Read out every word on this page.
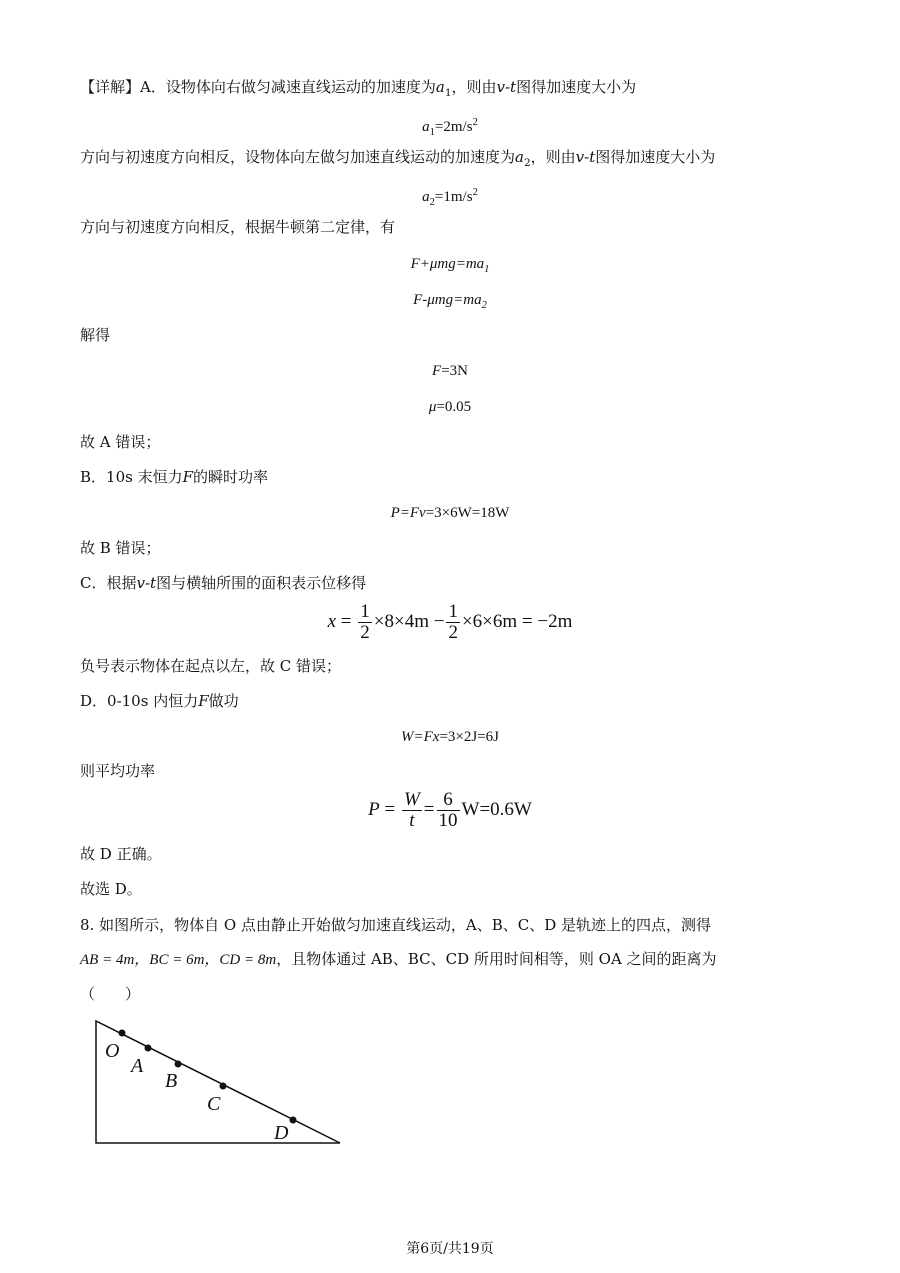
【详解】A．设物体向右做匀减速直线运动的加速度为$a_1$，则由v-t图得加速度大小为
$a_1=2m/s^2$
方向与初速度方向相反，设物体向左做匀加速直线运动的加速度为$a_2$，则由v-t图得加速度大小为
$a_2=1m/s^2$
方向与初速度方向相反，根据牛顿第二定律，有
$F+\mu mg=ma_1$
$F-\mu mg=ma_2$
解得
F=3N
μ=0.05
故 A 错误；
B．10s 末恒力F的瞬时功率
P=Fv=3×6W=18W
故 B 错误；
C．根据v-t图与横轴所围的面积表示位移得
$x = \frac{1}{2} \times 8\times 4m - \frac{1}{2} \times 6\times 6m = -2m$
负号表示物体在起点以左，故 C 错误；
D．0-10s 内恒力F做功
W=Fx=3×2J=6J
则平均功率
$P = \frac{W}{t} = \frac{6}{10} W=0.6W$
故 D 正确。
故选 D。
8. 如图所示，物体自 O 点由静止开始做匀加速直线运动，A、B、C、D 是轨迹上的四点，测得
AB = 4m，BC = 6m，CD = 8m，且物体通过 AB、BC、CD 所用时间相等，则 OA 之间的距离为
（　　）
O
A
B
C
D
第6页/共19页
